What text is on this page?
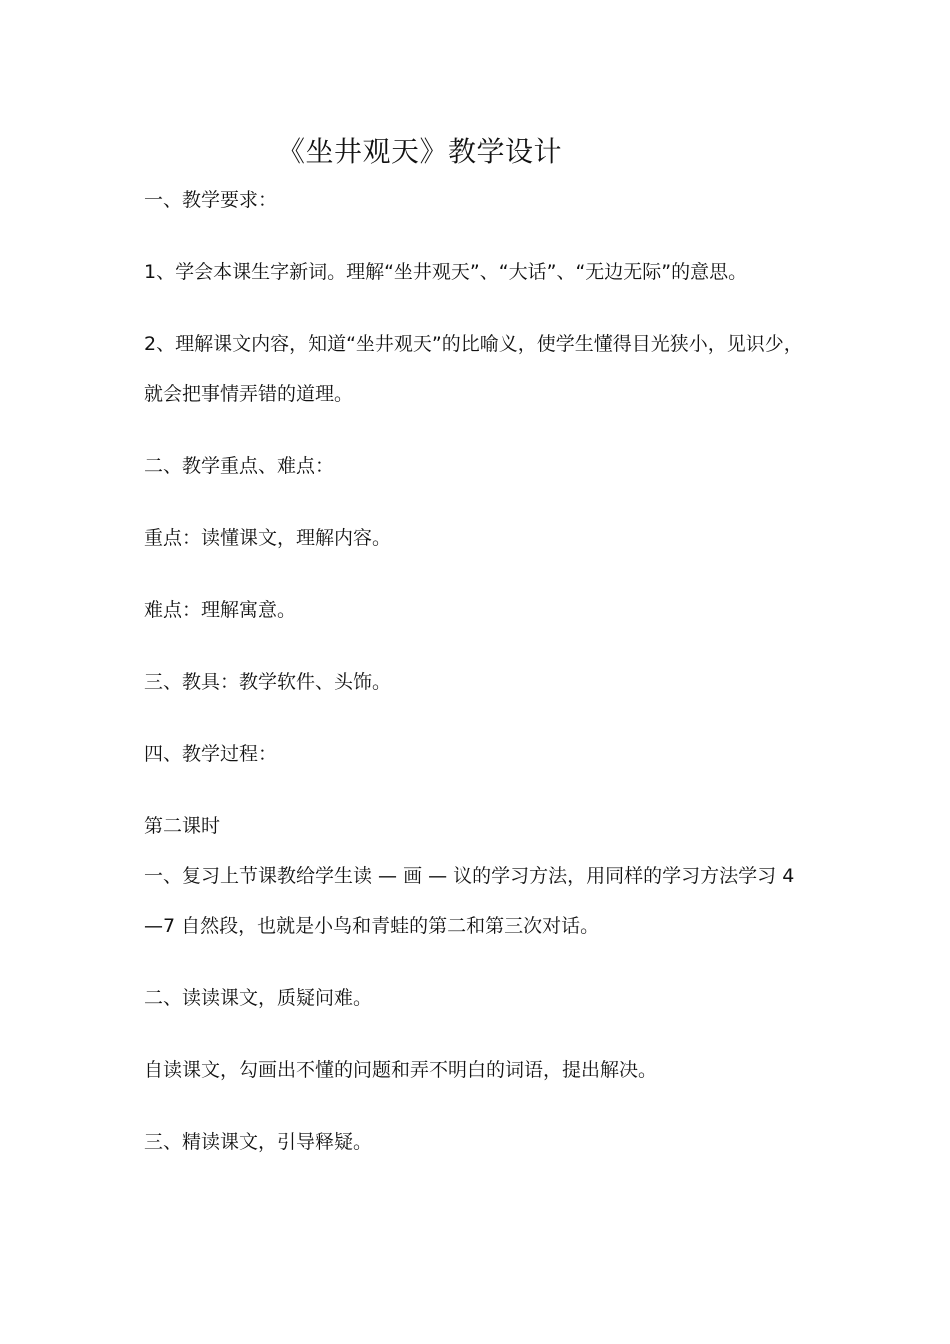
《坐井观天》教学设计
一、教学要求：
1、学会本课生字新词。理解“坐井观天”、“大话”、“无边无际”的意思。
2、理解课文内容，知道“坐井观天”的比喻义，使学生懂得目光狭小，见识少，
就会把事情弄错的道理。
二、教学重点、难点：
重点：读懂课文，理解内容。
难点：理解寓意。
三、教具：教学软件、头饰。
四、教学过程：
第二课时
一、复习上节课教给学生读 — 画 — 议的学习方法，用同样的学习方法学习 4
—7 自然段，也就是小鸟和青蛙的第二和第三次对话。
二、读读课文，质疑问难。
自读课文，勾画出不懂的问题和弄不明白的词语，提出解决。
三、精读课文，引导释疑。
